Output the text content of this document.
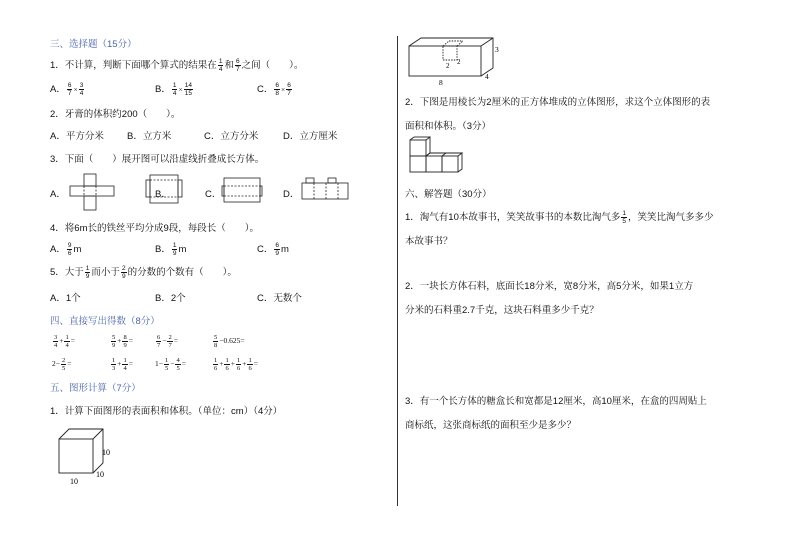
三、选择题（15分）
1．不计算，判断下面哪个算式的结果在 $\frac{1}{4}$ 和 $\frac{6}{7}$ 之间（　　）。
A． $\frac{6}{7} \times \frac{3}{4}$	B． $\frac{1}{4} \times \frac{14}{15}$	C． $\frac{6}{8} \times \frac{6}{7}$
2．牙膏的体积约200（　　）。
A．平方分米 B．立方米	C．立方分米	D．立方厘米
3．下面（　　）展开图可以沿虚线折叠成长方体。
A．	B．	C．	D．
4．将6m长的铁丝平均分成9段，每段长（　　）。
A． $\frac{9}{6}$ m	B． $\frac{1}{9}$ m	C． $\frac{6}{9}$ m
5．大于 $\frac{1}{9}$ 而小于 $\frac{2}{9}$ 的分数的个数有（　　）。
A．1个	B．2个	C．无数个
四、直接写出得数（8分）
$\frac{3}{4} + \frac{1}{4}$ =	$\frac{5}{9} + \frac{8}{9}$ =	$\frac{6}{7} - \frac{2}{7}$ =	$\frac{5}{8} -0.625=$
$2- \frac{2}{5}$ =	$\frac{1}{3} + \frac{1}{4}$ =	$1- \frac{1}{5} - \frac{4}{5}$ =	$\frac{1}{6} + \frac{1}{6} + \frac{1}{6} + \frac{1}{6}$ =
五、图形计算（7分）
1．计算下面图形的表面积和体积。（单位：cm）（4分）
10
10
10
3
2 2
8
4
2．下图是用棱长为2厘米的正方体堆成的立体图形，求这个立体图形的表
面积和体积。（3分）
六、解答题（30分）
1．淘气有10本故事书，笑笑故事书的本数比淘气多 $\frac{1}{5}$ ，笑笑比淘气多多少
本故事书？
2．一块长方体石料，底面长18分米，宽8分米，高5分米，如果1立方
分米的石料重2.7千克，这块石料重多少千克？
3．有一个长方体的糖盒长和宽都是12厘米，高10厘米，在盒的四周贴上
商标纸，这张商标纸的面积至少是多少？
